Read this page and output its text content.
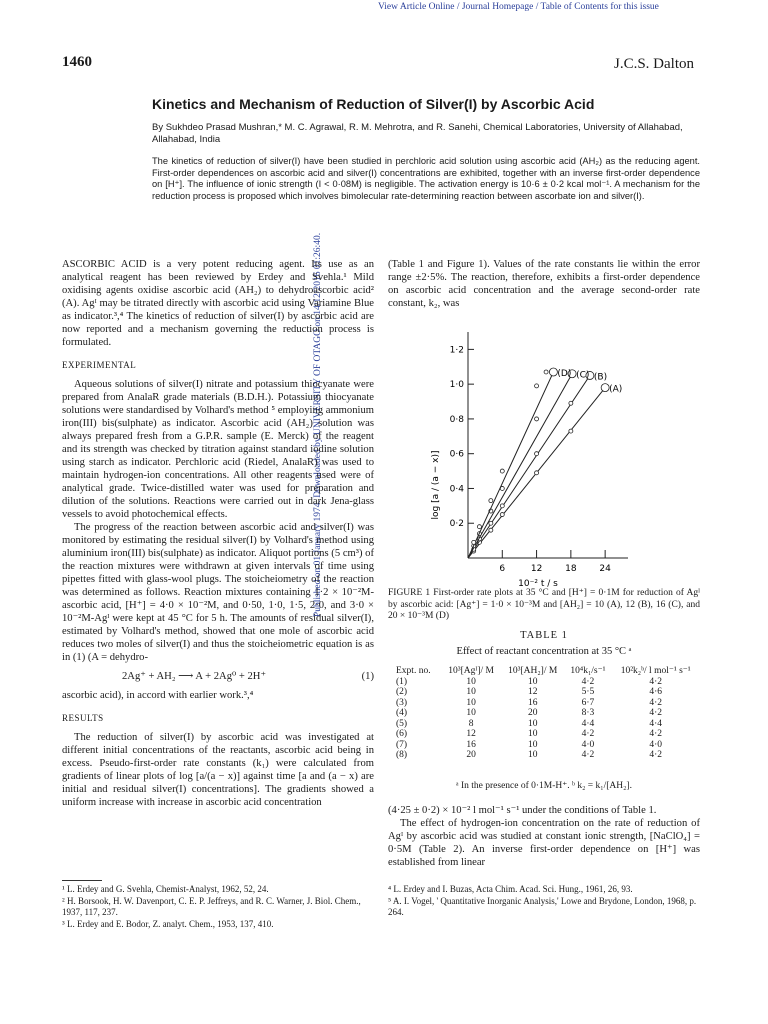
View Article Online / Journal Homepage / Table of Contents for this issue
Published on 01 January 1974. Downloaded by UNIVERSITY OF OTAGO on 14/12/2016 01:26:40.
1460	J.C.S. Dalton
Kinetics and Mechanism of Reduction of Silver(I) by Ascorbic Acid
By Sukhdeo Prasad Mushran,* M. C. Agrawal, R. M. Mehrotra, and R. Sanehi, Chemical Laboratories, University of Allahabad, Allahabad, India
The kinetics of reduction of silver(I) have been studied in perchloric acid solution using ascorbic acid (AH₂) as the reducing agent. First-order dependences on ascorbic acid and silver(I) concentrations are exhibited, together with an inverse first-order dependence on [H⁺]. The influence of ionic strength (I < 0·08M) is negligible. The activation energy is 10·6 ± 0·2 kcal mol⁻¹. A mechanism for the reduction process is proposed which involves bimolecular rate-determining reaction between ascorbate ion and silver(I).

ASCORBIC ACID is a very potent reducing agent. Its use as an analytical reagent has been reviewed by Erdey and Svehla.¹ Mild oxidising agents oxidise ascorbic acid (AH₂) to dehydroascorbic acid² (A). Agᴵ may be titrated directly with ascorbic acid using Variamine Blue as indicator.³,⁴ The kinetics of reduction of silver(I) by ascorbic acid are now reported and a mechanism governing the reduction process is formulated.

EXPERIMENTAL

Aqueous solutions of silver(I) nitrate and potassium thiocyanate were prepared from AnalaR grade materials (B.D.H.). Potassium thiocyanate solutions were standardised by Volhard's method ⁵ employing ammonium iron(III) bis(sulphate) as indicator. Ascorbic acid (AH₂) solution was always prepared fresh from a G.P.R. sample (E. Merck) of the reagent and its strength was checked by titration against standard iodine solution using starch as indicator. Perchloric acid (Riedel, AnalaR) was used to maintain hydrogen-ion concentrations. All other reagents used were of analytical grade. Twice-distilled water was used for preparation and dilution of the solutions. Reactions were carried out in dark Jena-glass vessels to avoid photochemical effects.

The progress of the reaction between ascorbic acid and silver(I) was monitored by estimating the residual silver(I) by Volhard's method using aluminium iron(III) bis(sulphate) as indicator. Aliquot portions (5 cm³) of the reaction mixtures were withdrawn at given intervals of time using pipettes fitted with glass-wool plugs. The stoicheiometry of the reaction was determined as follows. Reaction mixtures containing 1·2 × 10⁻²M-ascorbic acid, [H⁺] = 4·0 × 10⁻²M, and 0·50, 1·0, 1·5, 2·0, and 3·0 × 10⁻²M-Agᴵ were kept at 45 °C for 5 h. The amounts of residual silver(I), estimated by Volhard's method, showed that one mole of ascorbic acid reduces two moles of silver(I) and thus the stoicheiometric equation is as in (1) (A = dehydro-

2Ag⁺ + AH₂ ⟶ A + 2Ag⁰ + 2H⁺	(1)

ascorbic acid), in accord with earlier work.³,⁴

RESULTS

The reduction of silver(I) by ascorbic acid was investigated at different initial concentrations of the reactants, ascorbic acid being in excess. Pseudo-first-order rate constants (k₁) were calculated from gradients of linear plots of log [a/(a − x)] against time [a and (a − x) are initial and residual silver(I) concentrations]. The gradients showed a uniform increase with increase in ascorbic acid concentration

(Table 1 and Figure 1). Values of the rate constants lie within the error range ±2·5%. The reaction, therefore, exhibits a first-order dependence on ascorbic acid concentration and the average second-order rate constant, k₂, was

0·2
0·4
0·6
0·8
1·0
1·2
6	12	18	24
10⁻² t / s
log [a / (a − x)]
(A)
(B)
(C)
(D)
FIGURE 1 First-order rate plots at 35 °C and [H⁺] = 0·1M for reduction of Agᴵ by ascorbic acid: [Ag⁺] = 1·0 × 10⁻³M and [AH₂] = 10 (A), 12 (B), 16 (C), and 20 × 10⁻³M (D)
TABLE 1
Effect of reactant concentration at 35 °C ᵃ
Expt. no.	10³[Agᴵ]/ M	10³[AH₂]/ M	10⁴k₁/s⁻¹	10²k₂ᵇ/ l mol⁻¹ s⁻¹
(1)	10	10	4·2	4·2
(2)	10	12	5·5	4·6
(3)	10	16	6·7	4·2
(4)	10	20	8·3	4·2
(5)	8	10	4·4	4·4
(6)	12	10	4·2	4·2
(7)	16	10	4·0	4·0
(8)	20	10	4·2	4·2
ᵃ In the presence of 0·1M-H⁺. ᵇ k₂ = k₁/[AH₂].

(4·25 ± 0·2) × 10⁻² l mol⁻¹ s⁻¹ under the conditions of Table 1.

The effect of hydrogen-ion concentration on the rate of reduction of Agᴵ by ascorbic acid was studied at constant ionic strength, [NaClO₄] = 0·5M (Table 2). An inverse first-order dependence on [H⁺] was established from linear

¹ L. Erdey and G. Svehla, Chemist-Analyst, 1962, 52, 24.
² H. Borsook, H. W. Davenport, C. E. P. Jeffreys, and R. C. Warner, J. Biol. Chem., 1937, 117, 237.
³ L. Erdey and E. Bodor, Z. analyt. Chem., 1953, 137, 410.
⁴ L. Erdey and I. Buzas, Acta Chim. Acad. Sci. Hung., 1961, 26, 93.
⁵ A. I. Vogel, ' Quantitative Inorganic Analysis,' Lowe and Brydone, London, 1968, p. 264.
